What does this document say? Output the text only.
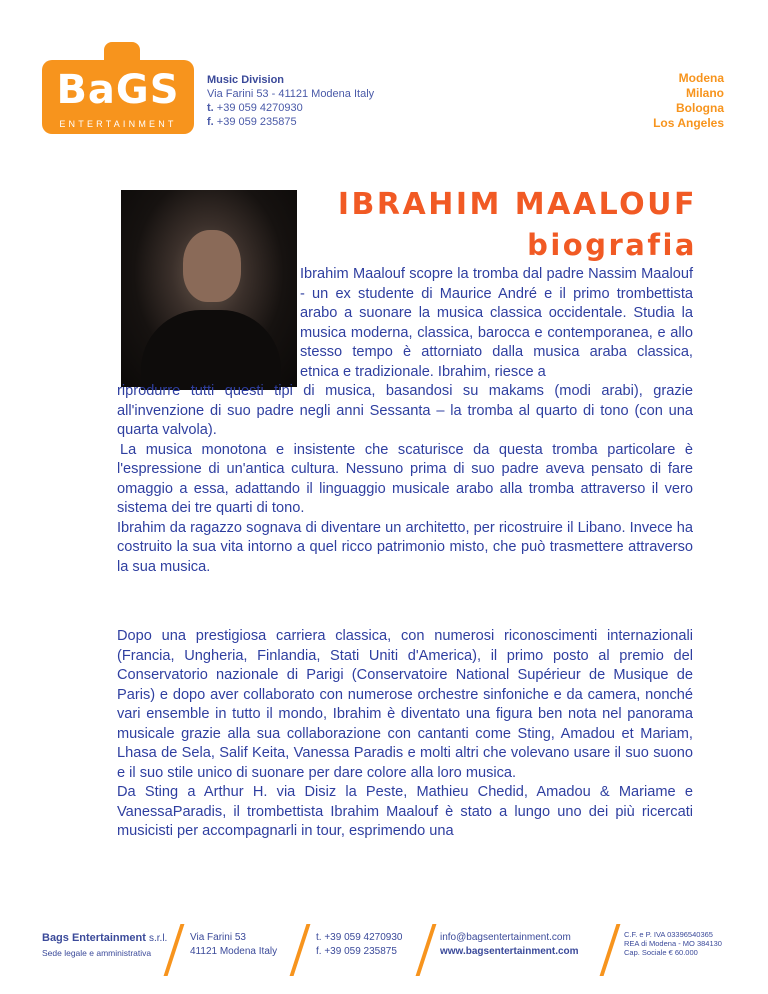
BaGS
ENTERTAINMENT
Music Division
Via Farini 53 - 41121 Modena Italy
t. +39 059 4270930
f. +39 059 235875
Modena
Milano
Bologna
Los Angeles
IBRAHIM MAALOUF
biografia
Ibrahim Maalouf scopre la tromba dal padre Nassim Maalouf - un ex studente di Maurice André e il primo trombettista arabo a suonare la musica classica occidentale. Studia la musica moderna, classica, barocca e contemporanea, e allo stesso tempo è attorniato dalla musica araba classica, etnica e tradizionale. Ibrahim, riesce a
riprodurre tutti questi tipi di musica, basandosi su makams (modi arabi), grazie all'invenzione di suo padre negli anni Sessanta – la tromba al quarto di tono (con una quarta valvola).
La musica monotona e insistente che scaturisce da questa tromba particolare è l'espressione di un'antica cultura. Nessuno prima di suo padre aveva pensato di fare omaggio a essa, adattando il linguaggio musicale arabo alla tromba attraverso il vero sistema dei tre quarti di tono.
Ibrahim da ragazzo sognava di diventare un architetto, per ricostruire il Libano. Invece ha costruito la sua vita intorno a quel ricco patrimonio misto, che può trasmettere attraverso la sua musica.
Dopo una prestigiosa carriera classica, con numerosi riconoscimenti internazionali (Francia, Ungheria, Finlandia, Stati Uniti d'America), il primo posto al premio del Conservatorio nazionale di Parigi (Conservatoire National Supérieur de Musique de Paris) e dopo aver collaborato con numerose orchestre sinfoniche e da camera, nonché vari ensemble in tutto il mondo, Ibrahim è diventato una figura ben nota nel panorama musicale grazie alla sua collaborazione con cantanti come Sting, Amadou et Mariam, Lhasa de Sela, Salif Keita, Vanessa Paradis e molti altri che volevano usare il suo suono e il suo stile unico di suonare per dare colore alla loro musica.
Da Sting a Arthur H. via Disiz la Peste, Mathieu Chedid, Amadou & Mariame e VanessaParadis, il trombettista Ibrahim Maalouf è stato a lungo uno dei più ricercati musicisti per accompagnarli in tour, esprimendo una
Bags Entertainment s.r.l.
Sede legale e amministrativa
Via Farini 53
41121 Modena Italy
t. +39 059 4270930
f. +39 059 235875
info@bagsentertainment.com
www.bagsentertainment.com
C.F. e P. IVA 03396540365
REA di Modena - MO 384130
Cap. Sociale € 60.000
